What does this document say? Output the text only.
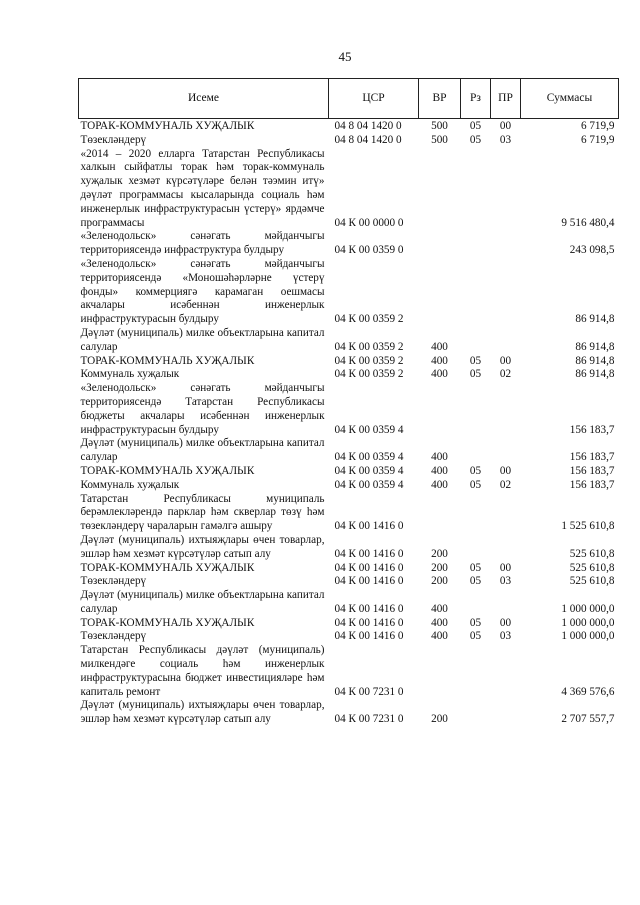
45
Исеме	ЦСР	ВР	Рз	ПР	Суммасы
ТОРАК-КОММУНАЛЬ ХУҖАЛЫК	04 8 04 1420 0	500	05	00	6 719,9
Төзекләндерү	04 8 04 1420 0	500	05	03	6 719,9
«2014 – 2020 елларга Татарстан Республикасы халкын сыйфатлы торак һәм торак-коммуналь хуҗалык хезмәт күрсәтүләре белән тәэмин итү» дәүләт программасы кысаларында социаль һәм инженерлык инфраструктурасын үстерү» ярдәмче программасы	04 К 00 0000 0				9 516 480,4
«Зеленодольск» сәнәгать мәйданчыгы территориясендә инфраструктура булдыру	04 К 00 0359 0				243 098,5
«Зеленодольск» сәнәгать мәйданчыгы территориясендә «Моношәһәрләрне үстерү фонды» коммерциягә карамаган оешмасы акчалары исәбеннән инженерлык инфраструктурасын булдыру	04 К 00 0359 2				86 914,8
Дәүләт (муниципаль) милке объектларына капитал салулар	04 К 00 0359 2	400			86 914,8
ТОРАК-КОММУНАЛЬ ХУҖАЛЫК	04 К 00 0359 2	400	05	00	86 914,8
Коммуналь хуҗалык	04 К 00 0359 2	400	05	02	86 914,8
«Зеленодольск» сәнәгать мәйданчыгы территориясендә Татарстан Республикасы бюджеты акчалары исәбеннән инженерлык инфраструктурасын булдыру	04 К 00 0359 4				156 183,7
Дәүләт (муниципаль) милке объектларына капитал салулар	04 К 00 0359 4	400			156 183,7
ТОРАК-КОММУНАЛЬ ХУҖАЛЫК	04 К 00 0359 4	400	05	00	156 183,7
Коммуналь хуҗалык	04 К 00 0359 4	400	05	02	156 183,7
Татарстан Республикасы муниципаль берәмлекләрендә парклар һәм скверлар төзү һәм төзекләндерү чараларын гамәлгә ашыру	04 К 00 1416 0				1 525 610,8
Дәүләт (муниципаль) ихтыяҗлары өчен товарлар, эшләр һәм хезмәт күрсәтүләр сатып алу	04 К 00 1416 0	200			525 610,8
ТОРАК-КОММУНАЛЬ ХУҖАЛЫК	04 К 00 1416 0	200	05	00	525 610,8
Төзекләндерү	04 К 00 1416 0	200	05	03	525 610,8
Дәүләт (муниципаль) милке объектларына капитал салулар	04 К 00 1416 0	400			1 000 000,0
ТОРАК-КОММУНАЛЬ ХУҖАЛЫК	04 К 00 1416 0	400	05	00	1 000 000,0
Төзекләндерү	04 К 00 1416 0	400	05	03	1 000 000,0
Татарстан Республикасы дәүләт (муниципаль) милкендәге социаль һәм инженерлык инфраструктурасына бюджет инвестицияләре һәм капиталь ремонт	04 К 00 7231 0				4 369 576,6
Дәүләт (муниципаль) ихтыяҗлары өчен товарлар, эшләр һәм хезмәт күрсәтүләр сатып алу	04 К 00 7231 0	200			2 707 557,7
